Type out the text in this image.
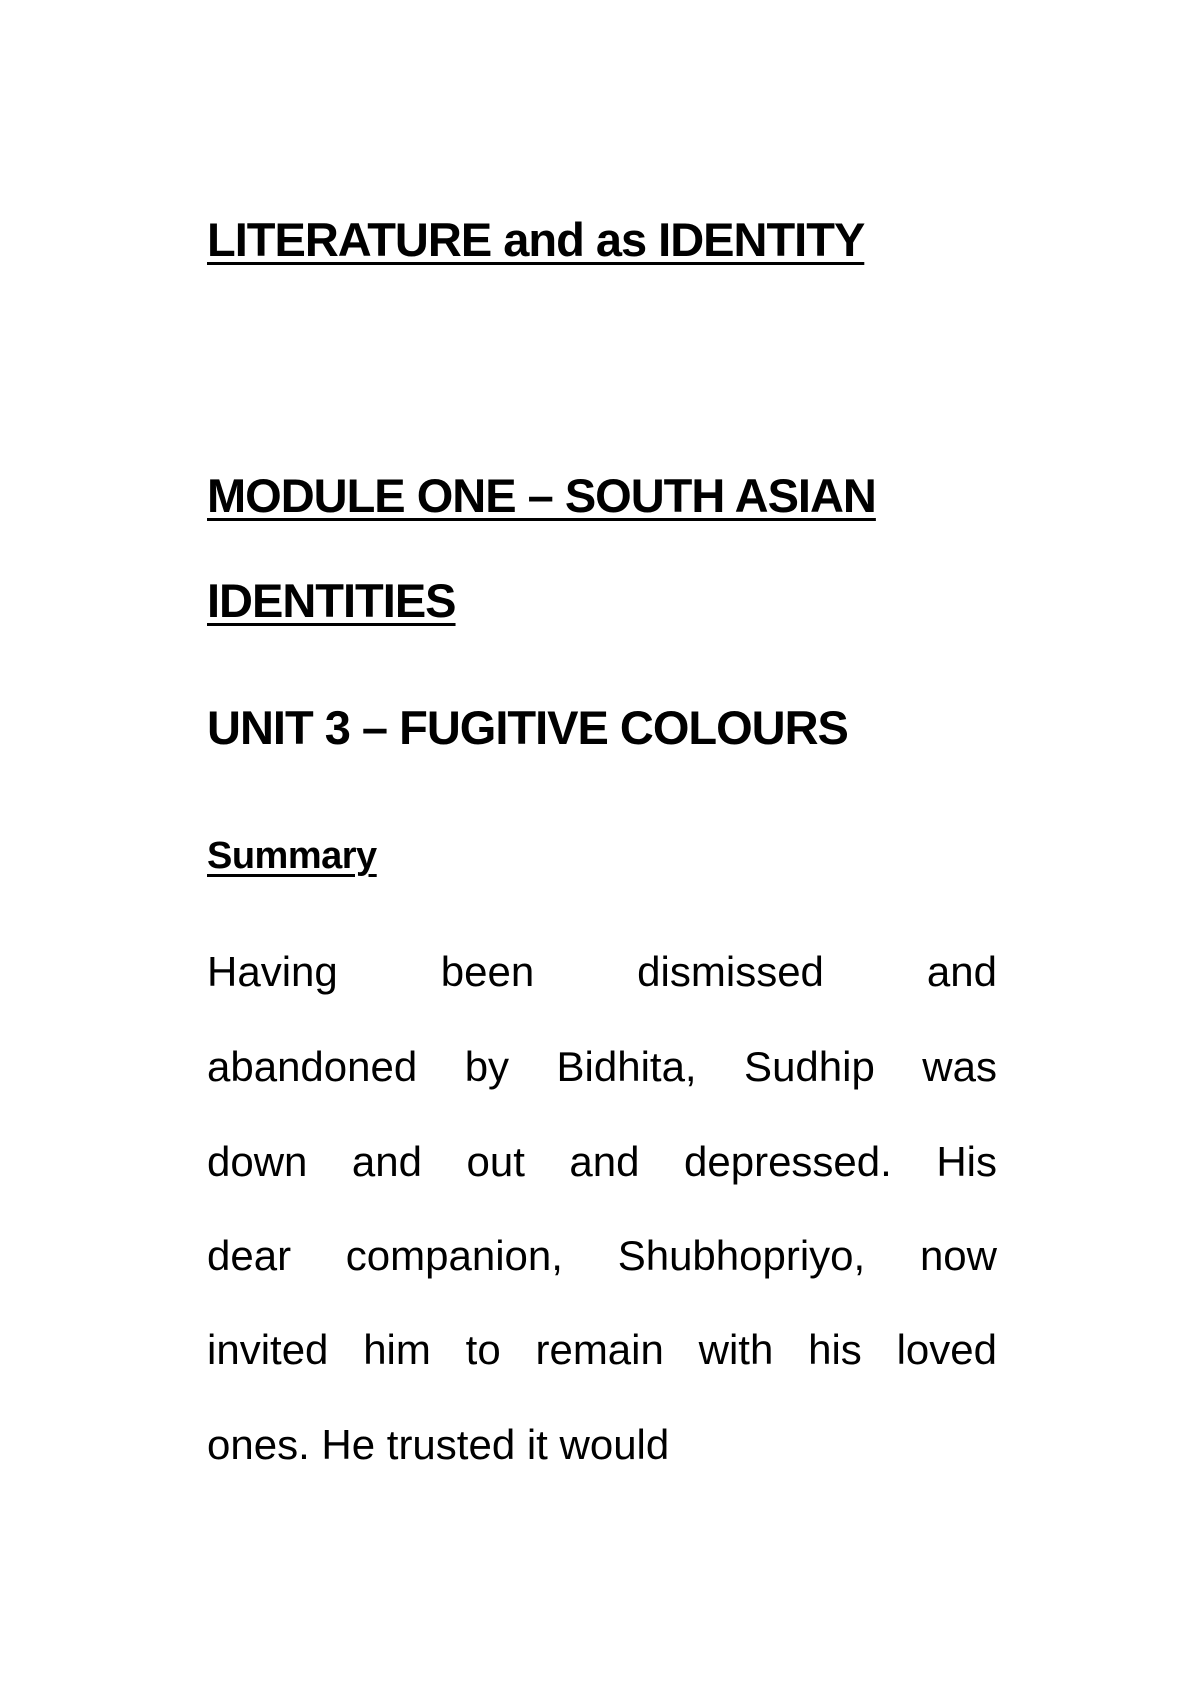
LITERATURE and as IDENTITY
MODULE ONE – SOUTH ASIAN
IDENTITIES
UNIT 3 – FUGITIVE COLOURS
Summary

Having been dismissed and

abandoned by Bidhita, Sudhip was

down and out and depressed. His

dear companion, Shubhopriyo, now

invited him to remain with his loved

ones. He trusted it would
